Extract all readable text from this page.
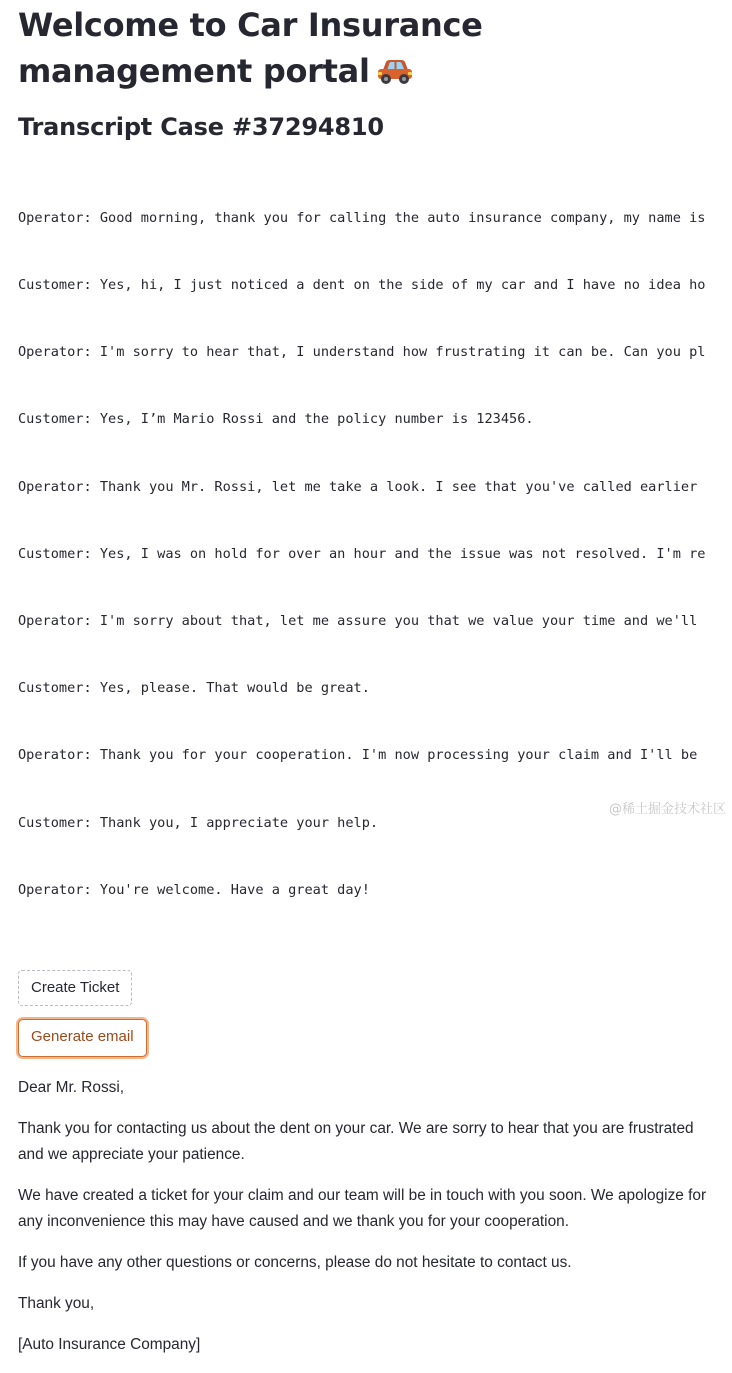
Welcome to Car Insurance management portal
Transcript Case #37294810

Operator: Good morning, thank you for calling the auto insurance company, my name is

Customer: Yes, hi, I just noticed a dent on the side of my car and I have no idea ho

Operator: I'm sorry to hear that, I understand how frustrating it can be. Can you pl

Customer: Yes, I’m Mario Rossi and the policy number is 123456.

Operator: Thank you Mr. Rossi, let me take a look. I see that you've called earlier

Customer: Yes, I was on hold for over an hour and the issue was not resolved. I'm re

Operator: I'm sorry about that, let me assure you that we value your time and we'll

Customer: Yes, please. That would be great.

Operator: Thank you for your cooperation. I'm now processing your claim and I'll be

Customer: Thank you, I appreciate your help.

Operator: You're welcome. Have a great day!

Create Ticket
Generate email

Dear Mr. Rossi,

Thank you for contacting us about the dent on your car. We are sorry to hear that you are frustrated and we appreciate your patience.

We have created a ticket for your claim and our team will be in touch with you soon. We apologize for any inconvenience this may have caused and we thank you for your cooperation.

If you have any other questions or concerns, please do not hesitate to contact us.

Thank you,

[Auto Insurance Company]

@稀土掘金技术社区
